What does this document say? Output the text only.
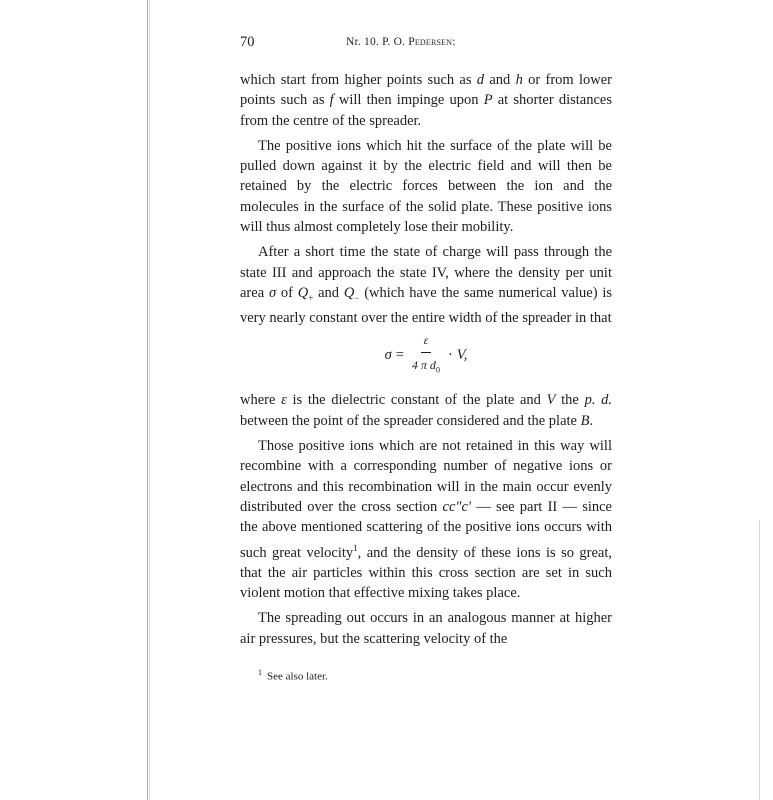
70	Nr. 10. P. O. Pedersen:

which start from higher points such as d and h or from lower points such as f will then impinge upon P at shorter distances from the centre of the spreader.

The positive ions which hit the surface of the plate will be pulled down against it by the electric field and will then be retained by the electric forces between the ion and the molecules in the surface of the solid plate. These positive ions will thus almost completely lose their mobility.

After a short time the state of charge will pass through the state III and approach the state IV, where the density per unit area σ of $Q_+$ and $Q_-$ (which have the same numerical value) is very nearly constant over the entire width of the spreader in that

$\sigma = \frac{\varepsilon}{4 \pi d_0} \cdot V$,

where ε is the dielectric constant of the plate and V the p. d. between the point of the spreader considered and the plate B.

Those positive ions which are not retained in this way will recombine with a corresponding number of negative ions or electrons and this recombination will in the main occur evenly distributed over the cross section cc″c′ — see part II — since the above mentioned scattering of the positive ions occurs with such great velocity$^1$, and the density of these ions is so great, that the air particles within this cross section are set in such violent motion that effective mixing takes place.

The spreading out occurs in an analogous manner at higher air pressures, but the scattering velocity of the

$^1$ See also later.
